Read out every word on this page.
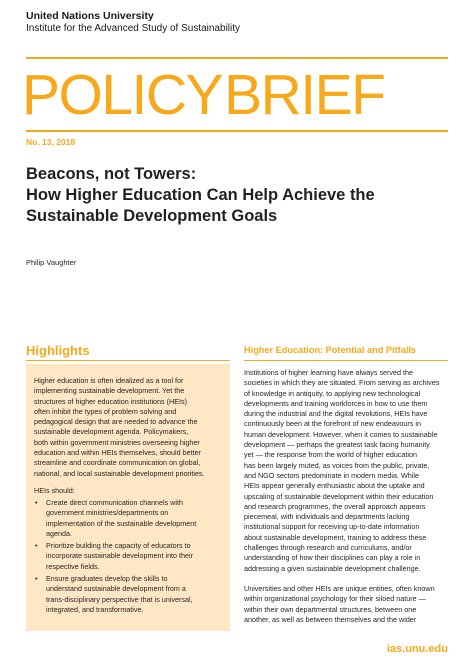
United Nations University
Institute for the Advanced Study of Sustainability
POLICYBRIEF
No. 13, 2018
Beacons, not Towers:
How Higher Education Can Help Achieve the
Sustainable Development Goals
Philip Vaughter
Highlights

Higher education is often idealized as a tool for
implementing sustainable development. Yet the
structures of higher education institutions (HEIs)
often inhibit the types of problem solving and
pedagogical design that are needed to advance the
sustainable development agenda. Policymakers,
both within government ministries overseeing higher
education and within HEIs themselves, should better
streamline and coordinate communication on global,
national, and local sustainable development priorities.

HEIs should:
• Create direct communication channels with
government ministries/departments on
implementation of the sustainable development
agenda.
• Prioritize building the capacity of educators to
incorporate sustainable development into their
respective fields.
• Ensure graduates develop the skills to
understand sustainable development from a
trans-disciplinary perspective that is universal,
integrated, and transformative.
Higher Education: Potential and Pitfalls

Institutions of higher learning have always served the
societies in which they are situated. From serving as archives
of knowledge in antiquity, to applying new technological
developments and training workforces in how to use them
during the industrial and the digital revolutions, HEIs have
continuously been at the forefront of new endeavours in
human development. However, when it comes to sustainable
development — perhaps the greatest task facing humanity
yet — the response from the world of higher education
has been largely muted, as voices from the public, private,
and NGO sectors predominate in modern media. While
HEIs appear generally enthusiastic about the uptake and
upscaling of sustainable development within their education
and research programmes, the overall approach appears
piecemeal, with individuals and departments lacking
institutional support for receiving up-to-date information
about sustainable development, training to address these
challenges through research and curriculums, and/or
understanding of how their disciplines can play a role in
addressing a given sustainable development challenge.

Universities and other HEIs are unique entities, often known
within organizational psychology for their siloed nature —
within their own departmental structures, between one
another, as well as between themselves and the wider

ias.unu.edu
